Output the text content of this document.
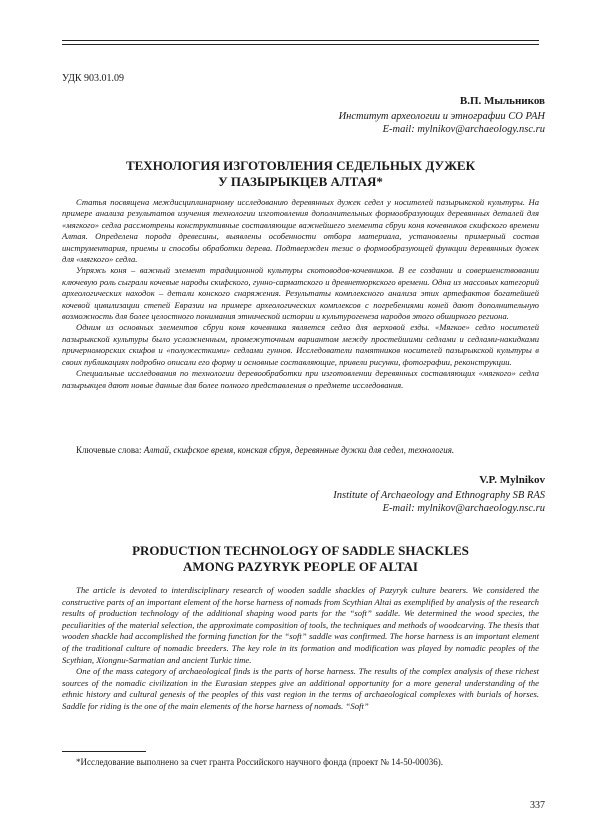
УДК 903.01.09
В.П. Мыльников
Институт археологии и этнографии СО РАН
E-mail: mylnikov@archaeology.nsc.ru
ТЕХНОЛОГИЯ ИЗГОТОВЛЕНИЯ СЕДЕЛЬНЫХ ДУЖЕК
У ПАЗЫРЫКЦЕВ АЛТАЯ*

Статья посвящена междисциплинарному исследованию деревянных дужек седел у носителей пазырыкской культуры. На примере анализа результатов изучения технологии изготовления дополнительных формообразующих деревянных деталей для «мягкого» седла рассмотрены конструктивные составляющие важнейшего элемента сбруи коня кочевников скифского времени Алтая. Определена порода древесины, выявлены особенности отбора материала, установлены примерный состав инструментария, приемы и способы обработки дерева. Подтвержден тезис о формообразующей функции деревянных дужек для «мягкого» седла.

Упряжь коня – важный элемент традиционной культуры скотоводов-кочевников. В ее создании и совершенствовании ключевую роль сыграли кочевые народы скифского, гунно-сарматского и древнетюркского времени. Одна из массовых категорий археологических находок – детали конского снаряжения. Результаты комплексного анализа этих артефактов богатейшей кочевой цивилизации степей Евразии на примере археологических комплексов с погребениями коней дают дополнительную возможность для более целостного понимания этнической истории и культурогенеза народов этого обширного региона.

Одним из основных элементов сбруи коня кочевника является седло для верховой езды. «Мягкое» седло носителей пазырыкской культуры было усложненным, промежуточным вариантом между простейшими седлами и седлами-накидками причерноморских скифов и «полужесткими» седлами гуннов. Исследователи памятников носителей пазырыкской культуры в своих публикациях подробно описали его форму и основные составляющие, привели рисунки, фотографии, реконструкции.

Специальные исследования по технологии деревообработки при изготовлении деревянных составляющих «мягкого» седла пазырыкцев дают новые данные для более полного представления о предмете исследования.

Ключевые слова: Алтай, скифское время, конская сбруя, деревянные дужки для седел, технология.
V.P. Mylnikov
Institute of Archaeology and Ethnography SB RAS
E-mail: mylnikov@archaeology.nsc.ru
PRODUCTION TECHNOLOGY OF SADDLE SHACKLES
AMONG PAZYRYK PEOPLE OF ALTAI

The article is devoted to interdisciplinary research of wooden saddle shackles of Pazyryk culture bearers. We considered the constructive parts of an important element of the horse harness of nomads from Scythian Altai as exemplified by analysis of the research results of production technology of the additional shaping wood parts for the “soft” saddle. We determined the wood species, the peculiarities of the material selection, the approximate composition of tools, the techniques and methods of woodcarving. The thesis that wooden shackle had accomplished the forming function for the “soft” saddle was confirmed. The horse harness is an important element of the traditional culture of nomadic breeders. The key role in its formation and modification was played by nomadic peoples of the Scythian, Xiongnu-Sarmatian and ancient Turkic time.

One of the mass category of archaeological finds is the parts of horse harness. The results of the complex analysis of these richest sources of the nomadic civilization in the Eurasian steppes give an additional opportunity for a more general understanding of the ethnic history and cultural genesis of the peoples of this vast region in the terms of archaeological complexes with burials of horses. Saddle for riding is the one of the main elements of the horse harness of nomads. “Soft”

*Исследование выполнено за счет гранта Российского научного фонда (проект № 14-50-00036).
337
